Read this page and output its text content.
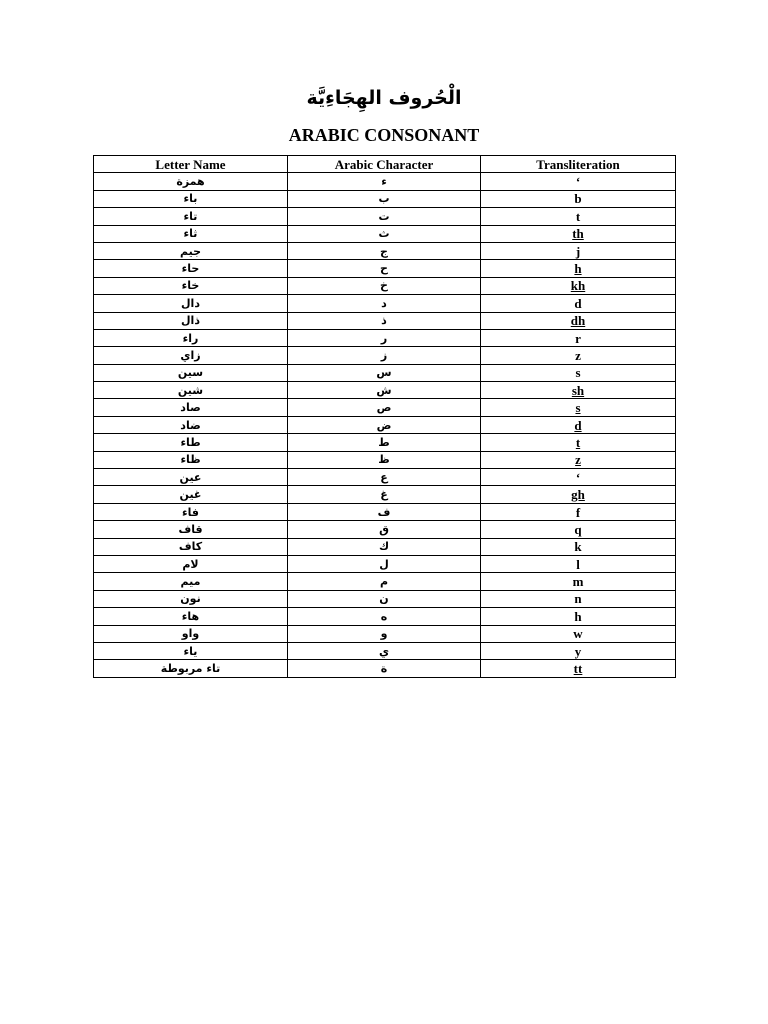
الْحُروف الهِجَاءِيَّة
ARABIC CONSONANT
Letter Name	Arabic Character	Transliteration
همزة	ء	‘
باء	ب	b
تاء	ت	t
ثاء	ث	th
جيم	ج	j
حاء	ح	h
خاء	خ	kh
دال	د	d
ذال	ذ	dh
راء	ر	r
زاي	ز	z
سين	س	s
شين	ش	sh
صاد	ص	s
ضاد	ض	d
طاء	ط	t
ظاء	ظ	z
عين	ع	‘
غين	غ	gh
فاء	ف	f
قاف	ق	q
كاف	ك	k
لام	ل	l
ميم	م	m
نون	ن	n
هاء	ه	h
واو	و	w
ياء	ي	y
تاء مربوطة	ة	tt
